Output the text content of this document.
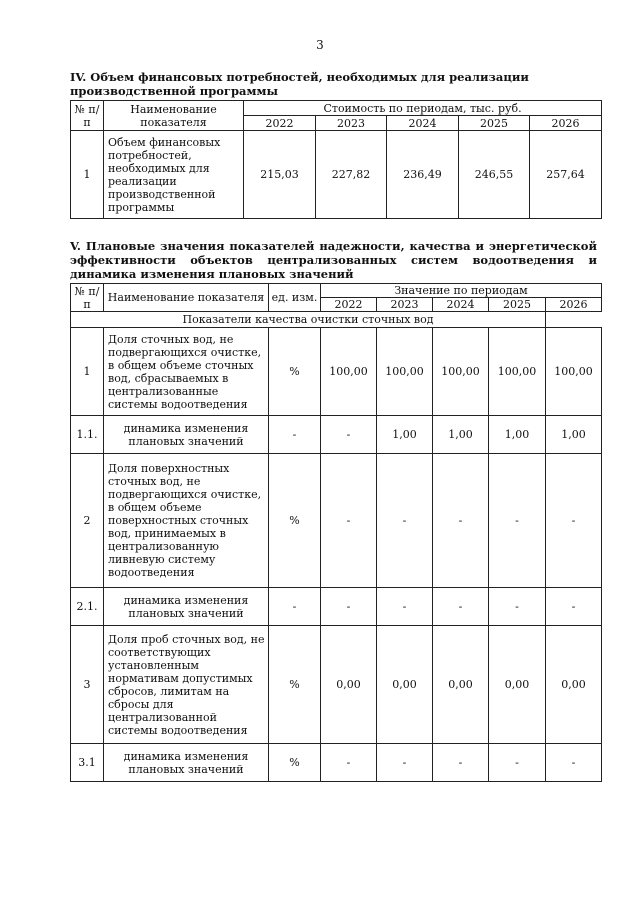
3
IV. Объем финансовых потребностей, необходимых для реализации производственной программы
№ п/п	Наименование показателя	Стоимость по периодам, тыс. руб.				
		2022	2023	2024	2025	2026
1	Объем финансовых потребностей, необходимых для реализации производственной программы	215,03	227,82	236,49	246,55	257,64
V. Плановые значения показателей надежности, качества и энергетической эффективности объектов централизованных систем водоотведения и динамика изменения плановых значений
№ п/п	Наименование показателя	ед. изм.	Значение по периодам				
			2022	2023	2024	2025	2026
Показатели качества очистки сточных вод							
1	Доля сточных вод, не подвергающихся очистке, в общем объеме сточных вод, сбрасываемых в централизованные системы водоотведения	%	100,00	100,00	100,00	100,00	100,00
1.1.	динамика изменения плановых значений	-	-	1,00	1,00	1,00	1,00
2	Доля поверхностных сточных вод, не подвергающихся очистке, в общем объеме поверхностных сточных вод, принимаемых в централизованную ливневую систему водоотведения	%	-	-	-	-	-
2.1.	динамика изменения плановых значений	-	-	-	-	-	-
3	Доля проб сточных вод, не соответствующих установленным нормативам допустимых сбросов, лимитам на сбросы для централизованной системы водоотведения	%	0,00	0,00	0,00	0,00	0,00
3.1	динамика изменения плановых значений	%	-	-	-	-	-
